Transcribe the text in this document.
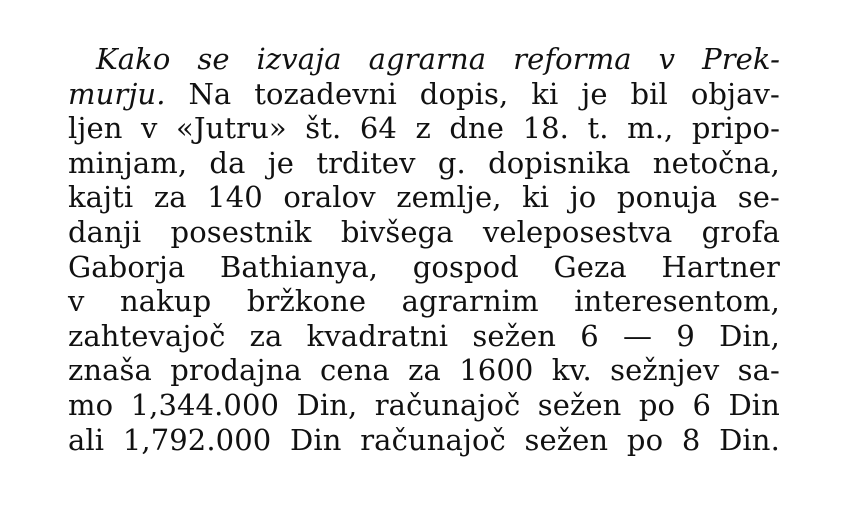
Kako se izvaja agrarna reforma v Prek-
murju. Na tozadevni dopis, ki je bil objav-
ljen v «Jutru» št. 64 z dne 18. t. m., pripo-
minjam, da je trditev g. dopisnika netočna,
kajti za 140 oralov zemlje, ki jo ponuja se-
danji posestnik bivšega veleposestva grofa
Gaborja Bathianya, gospod Geza Hartner
v nakup bržkone agrarnim interesentom,
zahtevajoč za kvadratni sežen 6 — 9 Din,
znaša prodajna cena za 1600 kv. sežnjev sa-
mo 1,344.000 Din, računajoč sežen po 6 Din
ali 1,792.000 Din računajoč sežen po 8 Din.
